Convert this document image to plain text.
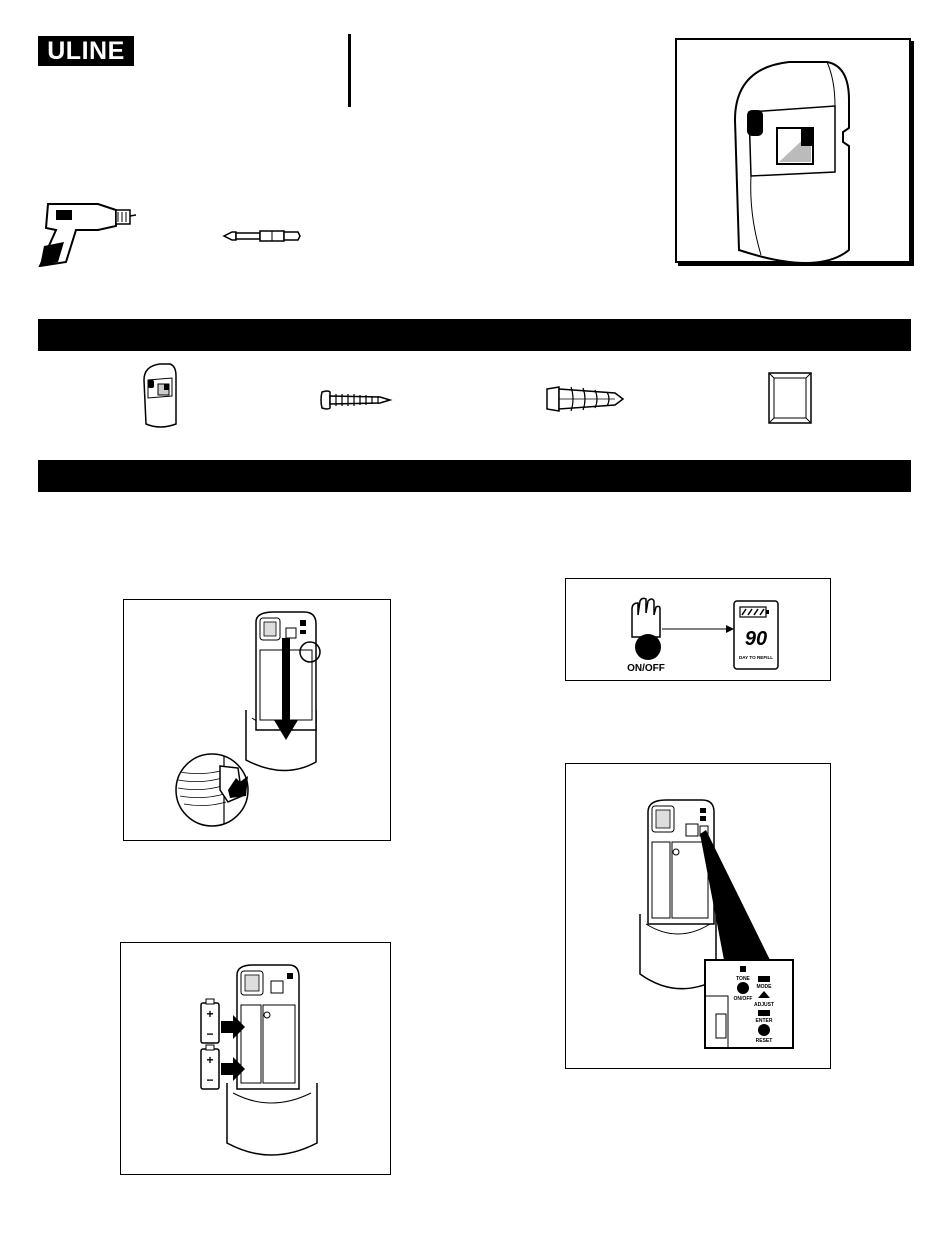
ULINE
+
−
+
−
ON/OFF
90
DAY TO REFILL
TONE
ON/OFF
MODE
ADJUST
ENTER
RESET
